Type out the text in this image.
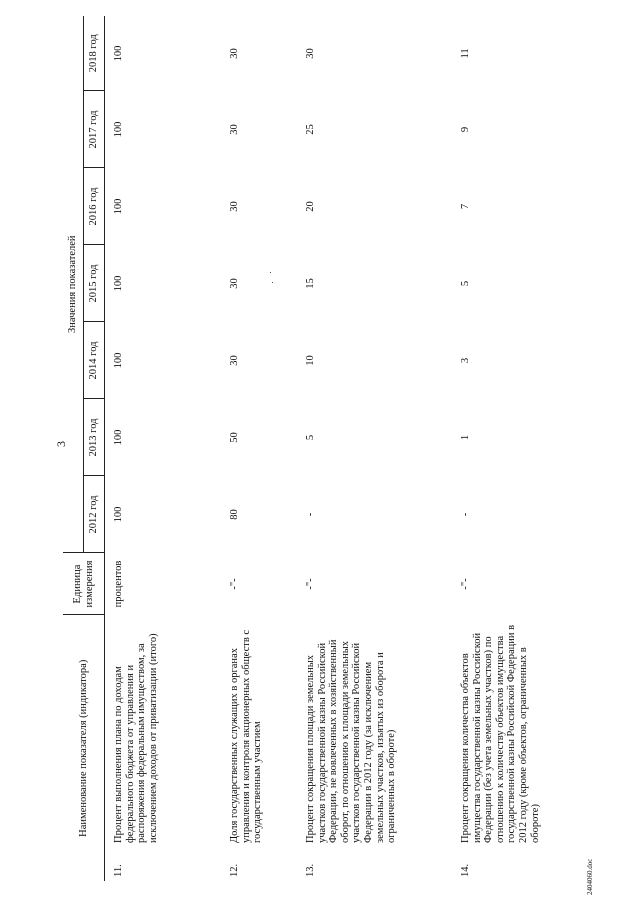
3
Наименование показателя (индикатора)		Единица измерения	Значения показателей						
			2012 год	2013 год	2014 год	2015 год	2016 год	2017 год	2018 год
11.	Процент выполнения плана по доходам федерального бюджета от управления и распоряжения федеральным имуществом, за исключением доходов от приватизации (итого)	процентов	100	100	100	100	100	100	100
12.	Доля государственных служащих в органах управления и контроля акционерных обществ с государственным участием	-"-	80	50	30	30	30	30	30
13.	Процент сокращения площади земельных участков государственной казны Российской Федерации, не вовлеченных в хозяйственный оборот, по отношению к площади земельных участков государственной казны Российской Федерации в 2012 году (за исключением земельных участков, изъятых из оборота и ограниченных в обороте)	-"-	-	5	10	15	20	25	30
14.	Процент сокращения количества объектов имущества государственной казны Российской Федерации (без учета земельных участков) по отношению к количеству объектов имущества государственной казны Российской Федерации в 2012 году (кроме объектов, ограниченных в обороте)	-"-	-	1	3	5	7	9	11
2404060.doc
